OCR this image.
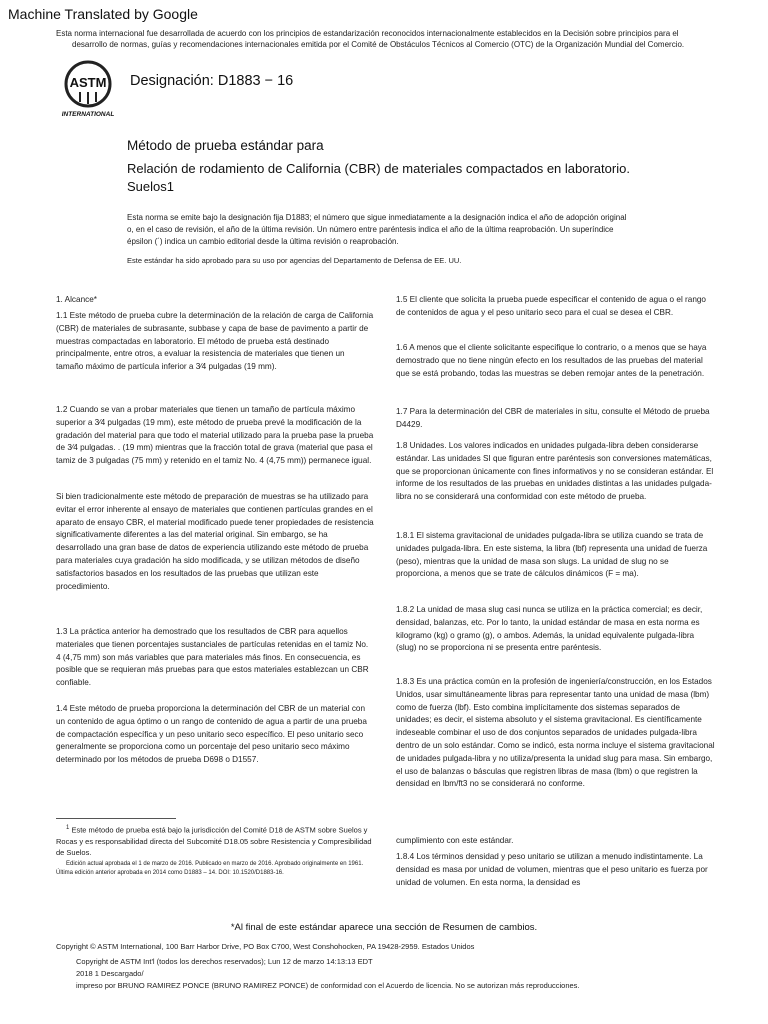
Machine Translated by Google
Esta norma internacional fue desarrollada de acuerdo con los principios de estandarización reconocidos internacionalmente establecidos en la Decisión sobre principios para el
desarrollo de normas, guías y recomendaciones internacionales emitida por el Comité de Obstáculos Técnicos al Comercio (OTC) de la Organización Mundial del Comercio.
ASTM
INTERNATIONAL
Designación: D1883 − 16
Método de prueba estándar para
Relación de rodamiento de California (CBR) de materiales compactados en laboratorio.
Suelos1
Esta norma se emite bajo la designación fija D1883; el número que sigue inmediatamente a la designación indica el año de adopción original
o, en el caso de revisión, el año de la última revisión. Un número entre paréntesis indica el año de la última reaprobación. Un superíndice
épsilon (´) indica un cambio editorial desde la última revisión o reaprobación.
Este estándar ha sido aprobado para su uso por agencias del Departamento de Defensa de EE. UU.
1. Alcance*
1.1 Este método de prueba cubre la determinación de la relación de carga de California (CBR) de materiales de subrasante, subbase y capa de base de pavimento a partir de muestras compactadas en laboratorio. El método de prueba está destinado principalmente, entre otros, a evaluar la resistencia de materiales que tienen un tamaño máximo de partícula inferior a 3⁄4 pulgadas (19 mm).
1.2 Cuando se van a probar materiales que tienen un tamaño de partícula máximo superior a 3⁄4 pulgadas (19 mm), este método de prueba prevé la modificación de la gradación del material para que todo el material utilizado para la prueba pase la prueba de 3⁄4 pulgadas. . (19 mm) mientras que la fracción total de grava (material que pasa el tamiz de 3 pulgadas (75 mm) y retenido en el tamiz No. 4 (4,75 mm)) permanece igual.
Si bien tradicionalmente este método de preparación de muestras se ha utilizado para evitar el error inherente al ensayo de materiales que contienen partículas grandes en el aparato de ensayo CBR, el material modificado puede tener propiedades de resistencia significativamente diferentes a las del material original. Sin embargo, se ha desarrollado una gran base de datos de experiencia utilizando este método de prueba para materiales cuya gradación ha sido modificada, y se utilizan métodos de diseño satisfactorios basados en los resultados de las pruebas que utilizan este procedimiento.
1.3 La práctica anterior ha demostrado que los resultados de CBR para aquellos materiales que tienen porcentajes sustanciales de partículas retenidas en el tamiz No. 4 (4,75 mm) son más variables que para materiales más finos. En consecuencia, es posible que se requieran más pruebas para que estos materiales establezcan un CBR confiable.
1.4 Este método de prueba proporciona la determinación del CBR de un material con un contenido de agua óptimo o un rango de contenido de agua a partir de una prueba de compactación específica y un peso unitario seco específico. El peso unitario seco generalmente se proporciona como un porcentaje del peso unitario seco máximo determinado por los métodos de prueba D698 o D1557.
1.5 El cliente que solicita la prueba puede especificar el contenido de agua o el rango de contenidos de agua y el peso unitario seco para el cual se desea el CBR.
1.6 A menos que el cliente solicitante especifique lo contrario, o a menos que se haya demostrado que no tiene ningún efecto en los resultados de las pruebas del material que se está probando, todas las muestras se deben remojar antes de la penetración.
1.7 Para la determinación del CBR de materiales in situ, consulte el Método de prueba D4429.
1.8 Unidades. Los valores indicados en unidades pulgada-libra deben considerarse estándar. Las unidades SI que figuran entre paréntesis son conversiones matemáticas, que se proporcionan únicamente con fines informativos y no se consideran estándar. El informe de los resultados de las pruebas en unidades distintas a las unidades pulgada-libra no se considerará una conformidad con este método de prueba.
1.8.1 El sistema gravitacional de unidades pulgada-libra se utiliza cuando se trata de unidades pulgada-libra. En este sistema, la libra (lbf) representa una unidad de fuerza (peso), mientras que la unidad de masa son slugs. La unidad de slug no se proporciona, a menos que se trate de cálculos dinámicos (F = ma).
1.8.2 La unidad de masa slug casi nunca se utiliza en la práctica comercial; es decir, densidad, balanzas, etc. Por lo tanto, la unidad estándar de masa en esta norma es kilogramo (kg) o gramo (g), o ambos. Además, la unidad equivalente pulgada-libra (slug) no se proporciona ni se presenta entre paréntesis.
1.8.3 Es una práctica común en la profesión de ingeniería/construcción, en los Estados Unidos, usar simultáneamente libras para representar tanto una unidad de masa (lbm) como de fuerza (lbf). Esto combina implícitamente dos sistemas separados de unidades; es decir, el sistema absoluto y el sistema gravitacional. Es científicamente indeseable combinar el uso de dos conjuntos separados de unidades pulgada-libra dentro de un solo estándar. Como se indicó, esta norma incluye el sistema gravitacional de unidades pulgada-libra y no utiliza/presenta la unidad slug para masa. Sin embargo, el uso de balanzas o básculas que registren libras de masa (lbm) o que registren la densidad en lbm/ft3 no se considerará no conforme.
cumplimiento con este estándar.
1.8.4 Los términos densidad y peso unitario se utilizan a menudo indistintamente. La densidad es masa por unidad de volumen, mientras que el peso unitario es fuerza por unidad de volumen. En esta norma, la densidad es
$^1$ Este método de prueba está bajo la jurisdicción del Comité D18 de ASTM sobre Suelos y Rocas y es responsabilidad directa del Subcomité D18.05 sobre Resistencia y Compresibilidad de Suelos.
Edición actual aprobada el 1 de marzo de 2016. Publicado en marzo de 2016. Aprobado originalmente en 1961.
Última edición anterior aprobada en 2014 como D1883 – 14. DOI: 10.1520/D1883-16.
*Al final de este estándar aparece una sección de Resumen de cambios.
Copyright © ASTM International, 100 Barr Harbor Drive, PO Box C700, West Conshohocken, PA 19428-2959. Estados Unidos
Copyright de ASTM Int'l (todos los derechos reservados); Lun 12 de marzo 14:13:13 EDT
2018 1 Descargado/
impreso por BRUNO RAMIREZ PONCE (BRUNO RAMIREZ PONCE) de conformidad con el Acuerdo de licencia. No se autorizan más reproducciones.
